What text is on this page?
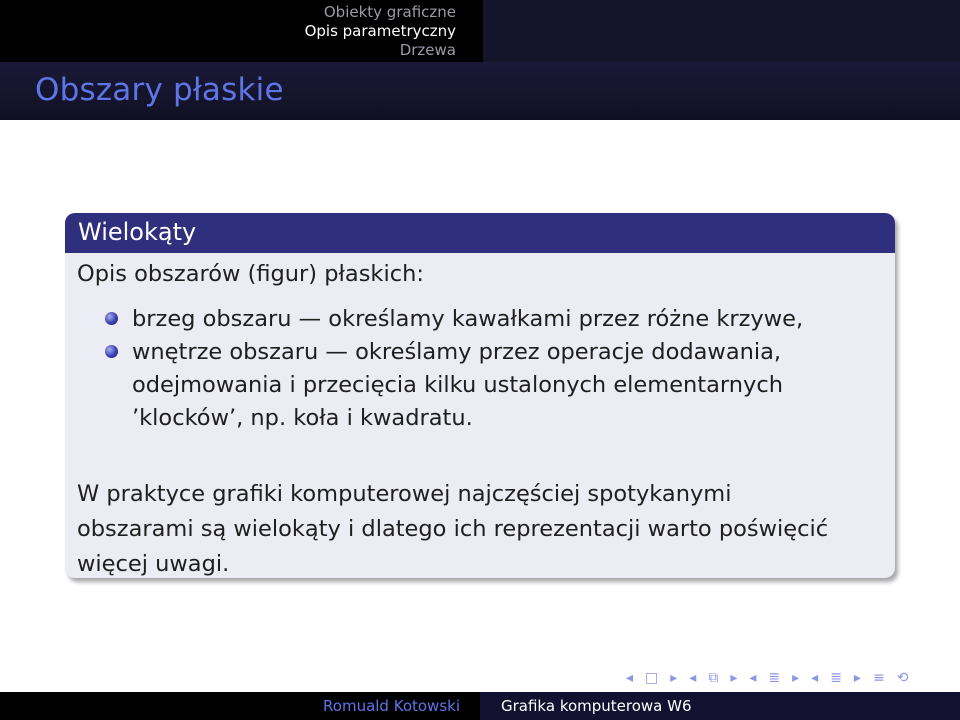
Obiekty graficzne
Opis parametryczny
Drzewa
Obszary płaskie
Wielokąty
Opis obszarów (figur) płaskich:
brzeg obszaru — określamy kawałkami przez różne krzywe,
wnętrze obszaru — określamy przez operacje dodawania,
odejmowania i przecięcia kilku ustalonych elementarnych
’klocków’, np. koła i kwadratu.
W praktyce grafiki komputerowej najczęściej spotykanymi
obszarami są wielokąty i dlatego ich reprezentacji warto poświęcić
więcej uwagi.
◂ □ ▸ ◂ ⧉ ▸ ◂ ≣ ▸ ◂ ≣ ▸ ≡ ⟲
Romuald Kotowski	Grafika komputerowa W6
